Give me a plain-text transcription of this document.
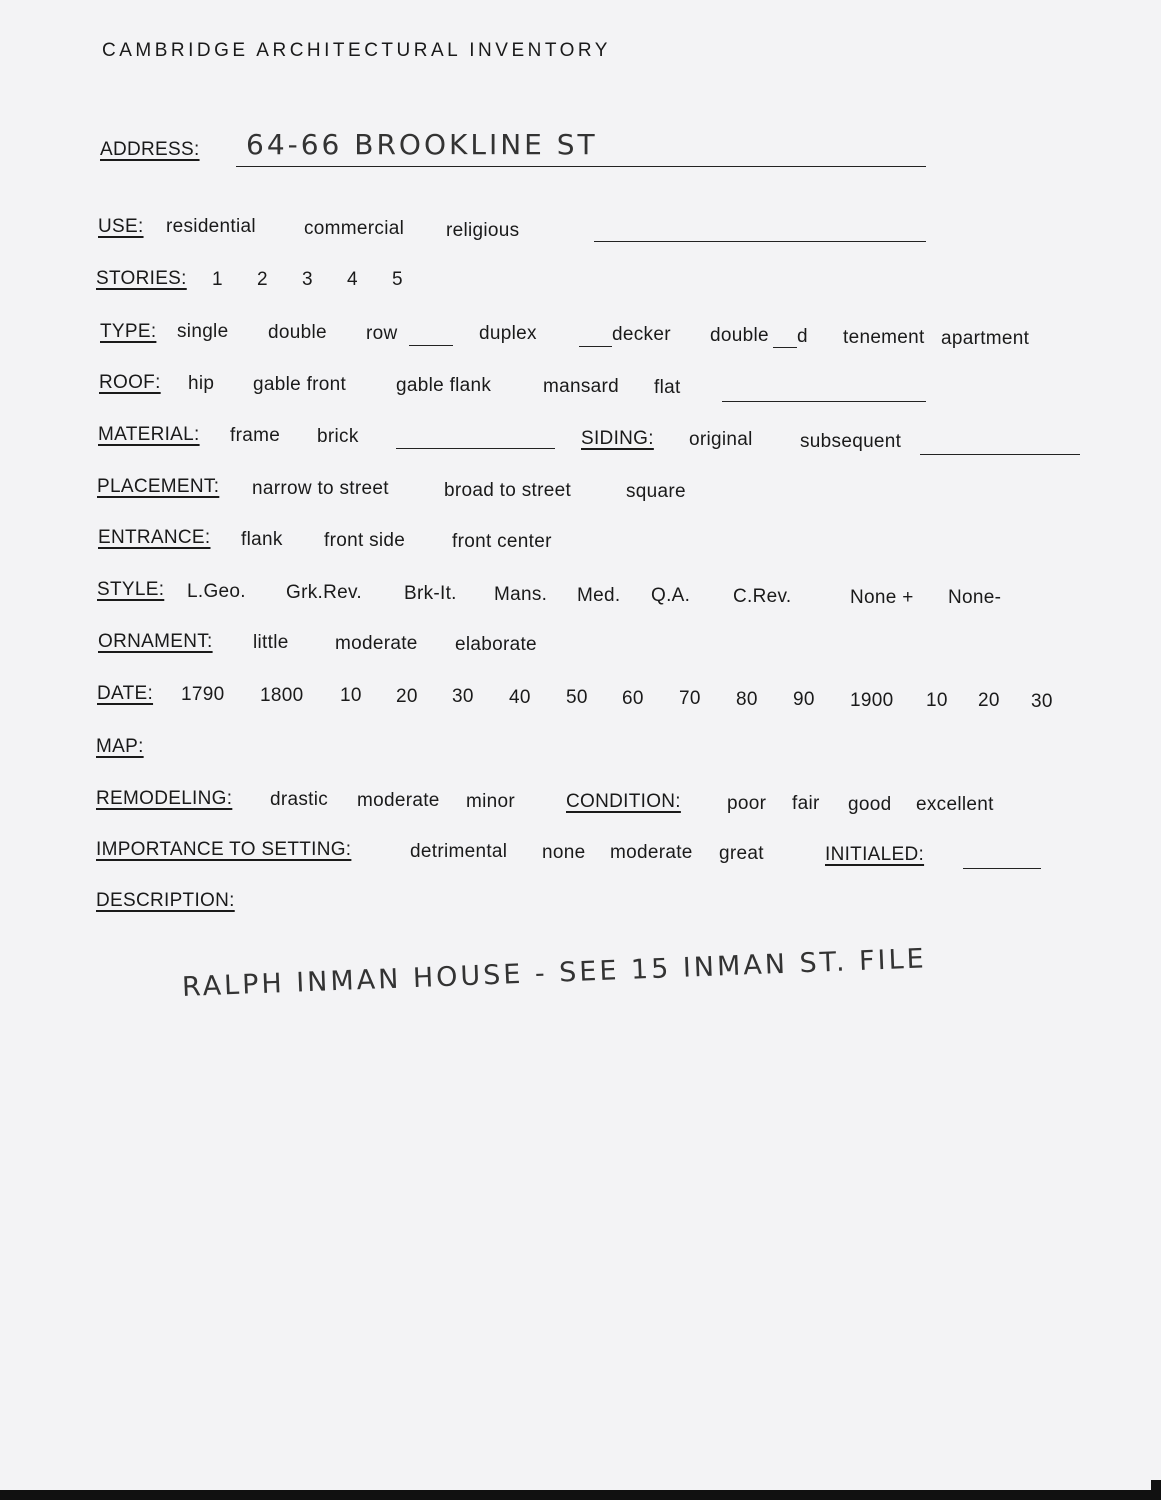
CAMBRIDGE ARCHITECTURAL INVENTORY
ADDRESS: 64-66 BROOKLINE ST
USE: residential	commercial religious
STORIES: 1 2 3 4 5
TYPE: single double row	duplex	decker double d tenement apartment
ROOF: hip gable front	gable flank	mansard flat
MATERIAL: frame brick	SIDING: original subsequent
PLACEMENT: narrow to street	broad to street	square
ENTRANCE: flank front side front center
STYLE: L.Geo. Grk.Rev. Brk-It. Mans. Med. Q.A. C.Rev.	None + None-
ORNAMENT: little moderate elaborate
DATE: 1790 1800 10 20 30 40 50 60 70 80 90 1900 10 20 30
MAP:
REMODELING: drastic moderate minor	CONDITION: poor fair good excellent
IMPORTANCE TO SETTING:	detrimental none moderate great	INITIALED:
DESCRIPTION:
RALPH INMAN HOUSE - SEE 15 INMAN ST. FILE
